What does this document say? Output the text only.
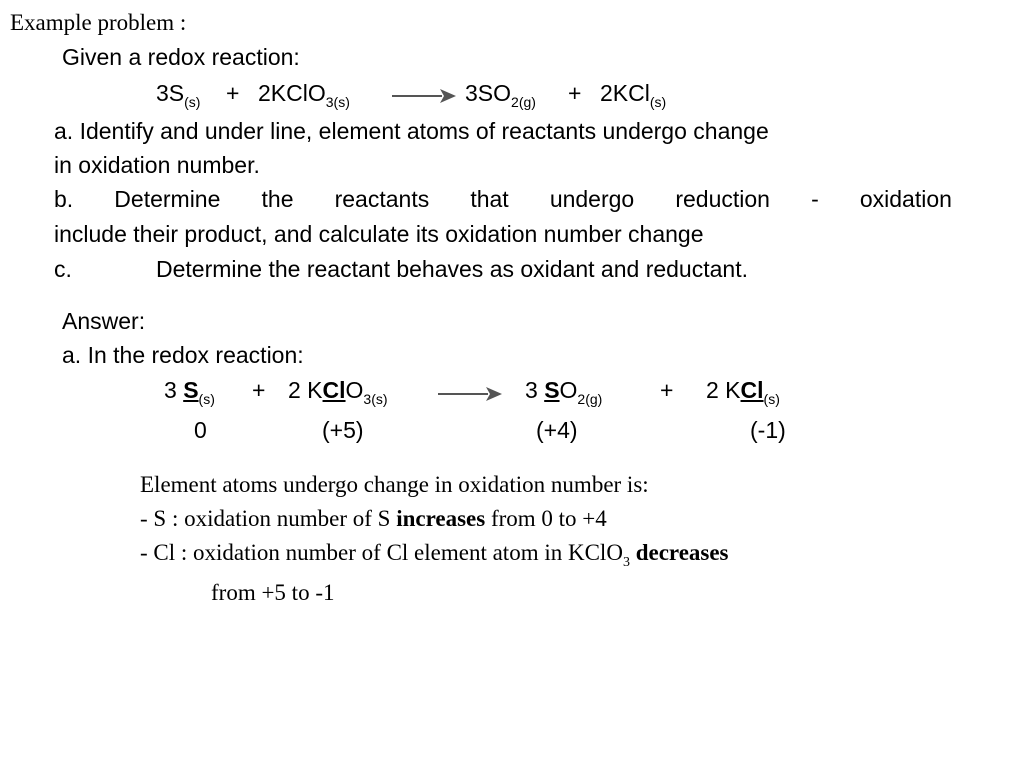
Example problem :
Given a redox reaction:
$3S_{(s)}$ + 2KClO$_{3(s)}$	$3SO_{2(g)} + 2KCl_{(s)}$
a. Identify and under line, element atoms of reactants undergo change
in oxidation number.
b. Determine the reactants that undergo reduction - oxidation
include their product, and calculate its oxidation number change
c.	Determine the reactant behaves as oxidant and reductant.
Answer:
a. In the redox reaction:
3 $S_{(s)} + 2$ KClO$_{3(s)}$	3 $SO_{2(g)}$	+ 2 KCl$_{(s)}$
0	(+5)	(+4)	(-1)
Element atoms undergo change in oxidation number is:
- S : oxidation number of S increases from 0 to +4
- Cl : oxidation number of Cl element atom in KClO$_3$ decreases
from +5 to -1
